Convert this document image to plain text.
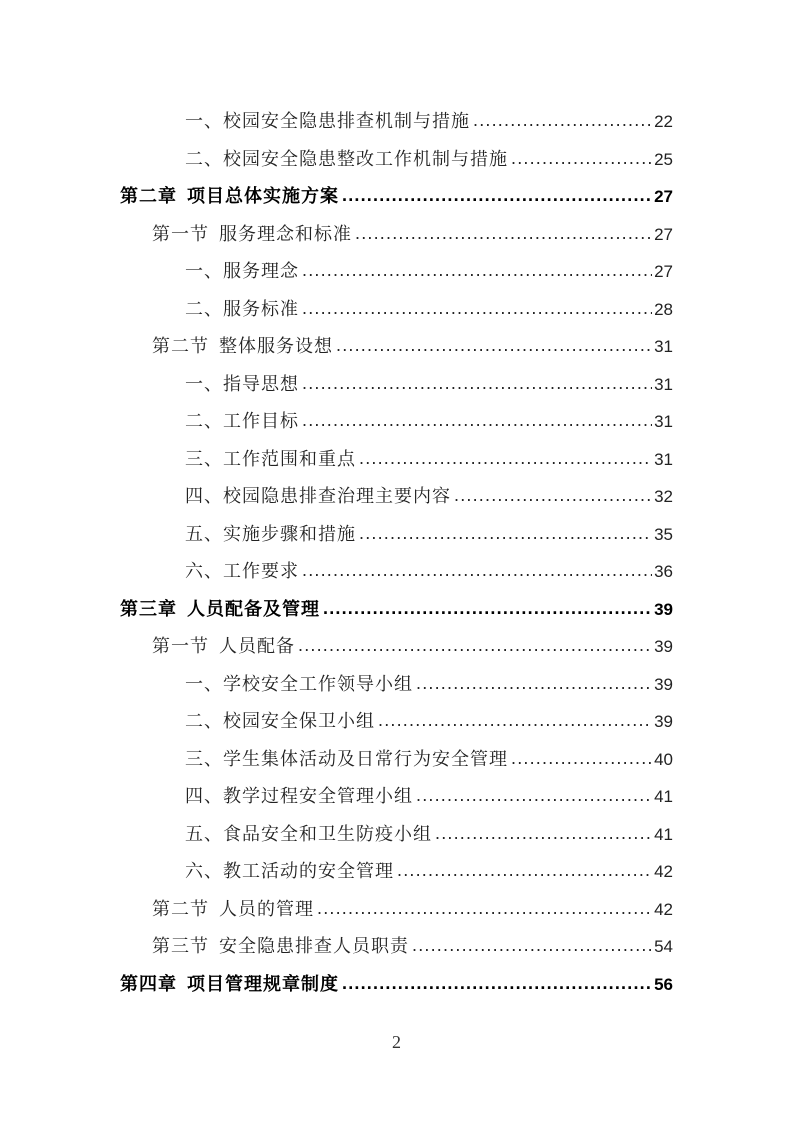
一、校园安全隐患排查机制与措施 .....	22
二、校园安全隐患整改工作机制与措施 .....	25
第二章 项目总体实施方案 .....	27
第一节 服务理念和标准 .....	27
一、服务理念 .....	27
二、服务标准 .....	28
第二节 整体服务设想 .....	31
一、指导思想 .....	31
二、工作目标 .....	31
三、工作范围和重点 .....	31
四、校园隐患排查治理主要内容 .....	32
五、实施步骤和措施 .....	35
六、工作要求 .....	36
第三章 人员配备及管理 .....	39
第一节 人员配备 .....	39
一、学校安全工作领导小组 .....	39
二、校园安全保卫小组 .....	39
三、学生集体活动及日常行为安全管理 .....	40
四、教学过程安全管理小组 .....	41
五、食品安全和卫生防疫小组 .....	41
六、教工活动的安全管理 .....	42
第二节 人员的管理 .....	42
第三节 安全隐患排查人员职责 .....	54
第四章 项目管理规章制度 .....	56
2
